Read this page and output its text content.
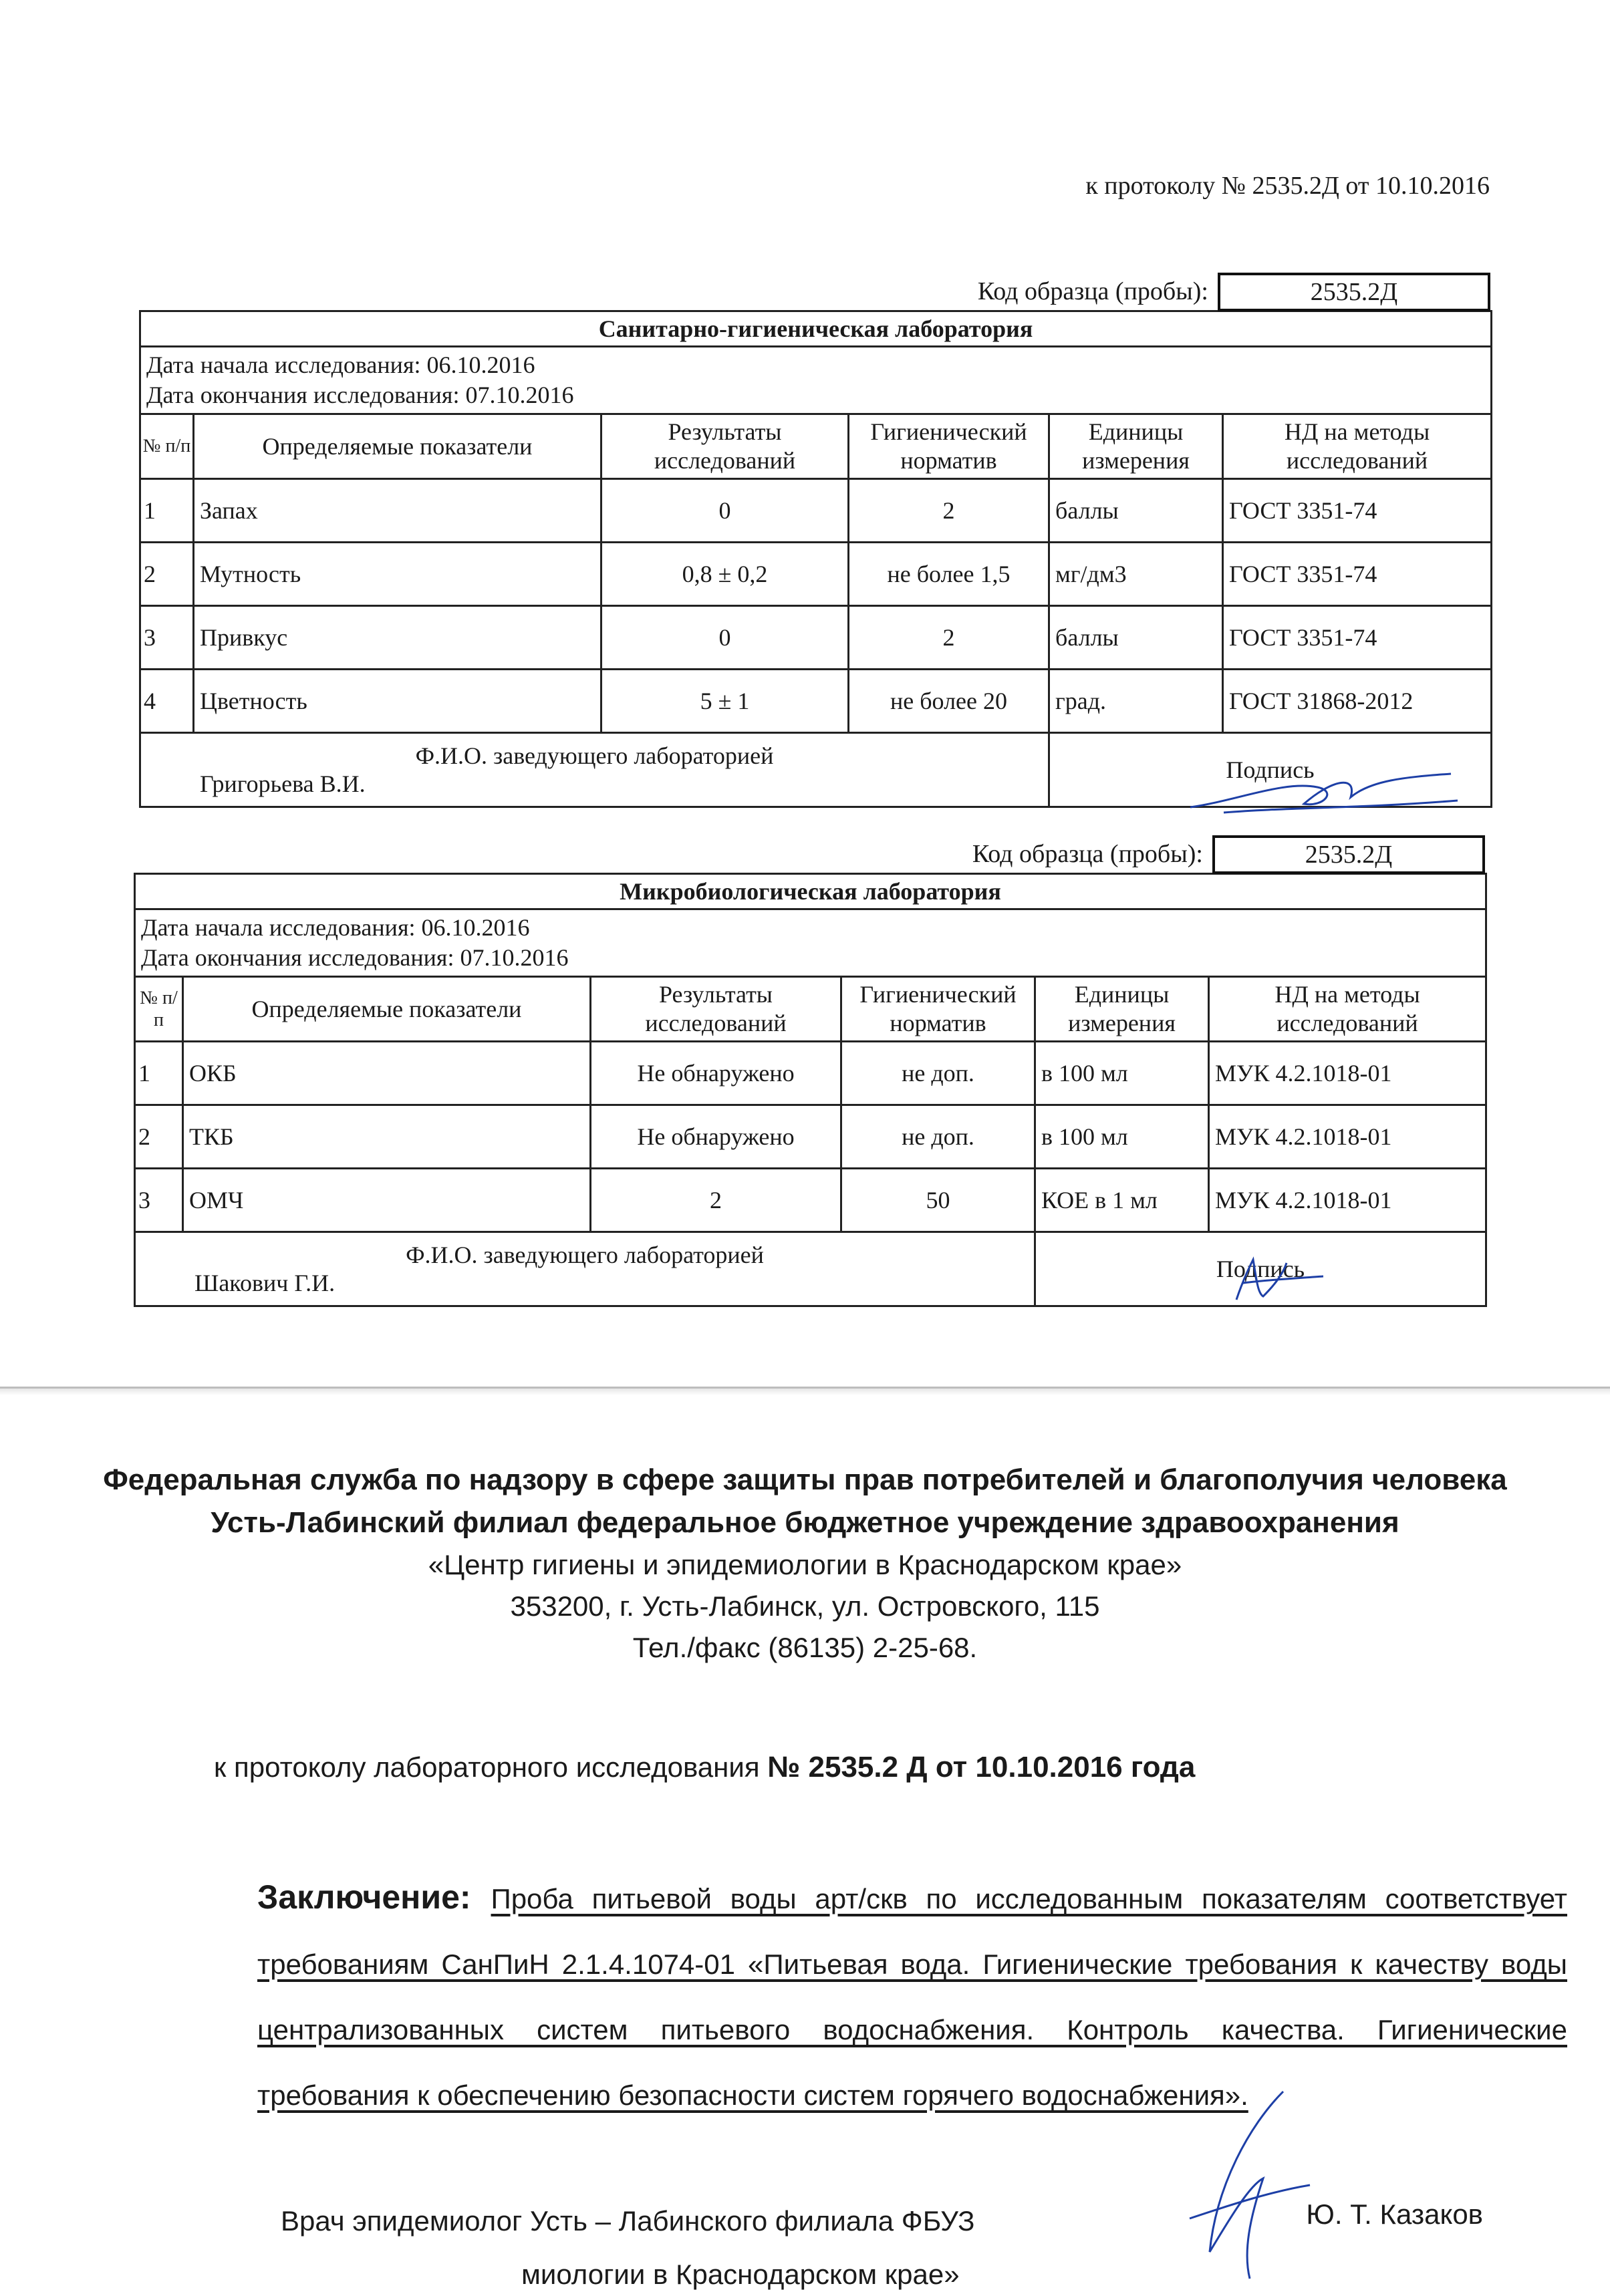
к протоколу № 2535.2Д от 10.10.2016
Код образца (пробы):	2535.2Д
Санитарно-гигиеническая лаборатория					

Дата начала исследования: 06.10.2016
Дата окончания исследования: 07.10.2016					

№ п/п	Определяемые показатели	Результаты исследований	Гигиенический норматив	Единицы измерения	НД на методы исследований
1	Запах	0	2	баллы	ГОСТ 3351-74
2	Мутность	0,8 ± 0,2	не более 1,5	мг/дм3	ГОСТ 3351-74
3	Привкус	0	2	баллы	ГОСТ 3351-74
4	Цветность	5 ± 1	не более 20	град.	ГОСТ 31868-2012

Ф.И.О. заведующего лабораторией
Григорьева В.И.				Подпись	
Код образца (пробы):	2535.2Д
Микробиологическая лаборатория					

Дата начала исследования: 06.10.2016
Дата окончания исследования: 07.10.2016					

№ п/п	Определяемые показатели	Результаты исследований	Гигиенический норматив	Единицы измерения	НД на методы исследований
1	ОКБ	Не обнаружено	не доп.	в 100 мл	МУК 4.2.1018-01
2	ТКБ	Не обнаружено	не доп.	в 100 мл	МУК 4.2.1018-01
3	ОМЧ	2	50	КОЕ в 1 мл	МУК 4.2.1018-01

Ф.И.О. заведующего лабораторией
Шакович Г.И.				Подпись	
Федеральная служба по надзору в сфере защиты прав потребителей и благополучия человека
Усть-Лабинский филиал федеральное бюджетное учреждение здравоохранения
«Центр гигиены и эпидемиологии в Краснодарском крае»
353200, г. Усть-Лабинск, ул. Островского, 115
Тел./факс (86135) 2-25-68.
к протоколу лабораторного исследования № 2535.2 Д от 10.10.2016 года
Заключение: Проба питьевой воды арт/скв по исследованным показателям соответствует требованиям СанПиН 2.1.4.1074-01 «Питьевая вода. Гигиенические требования к качеству воды централизованных систем питьевого водоснабжения. Контроль качества. Гигиенические требования к обеспечению безопасности систем горячего водоснабжения».
Врач эпидемиолог Усть – Лабинского филиала ФБУЗ
миологии в Краснодарском крае»
Ю. Т. Казаков
